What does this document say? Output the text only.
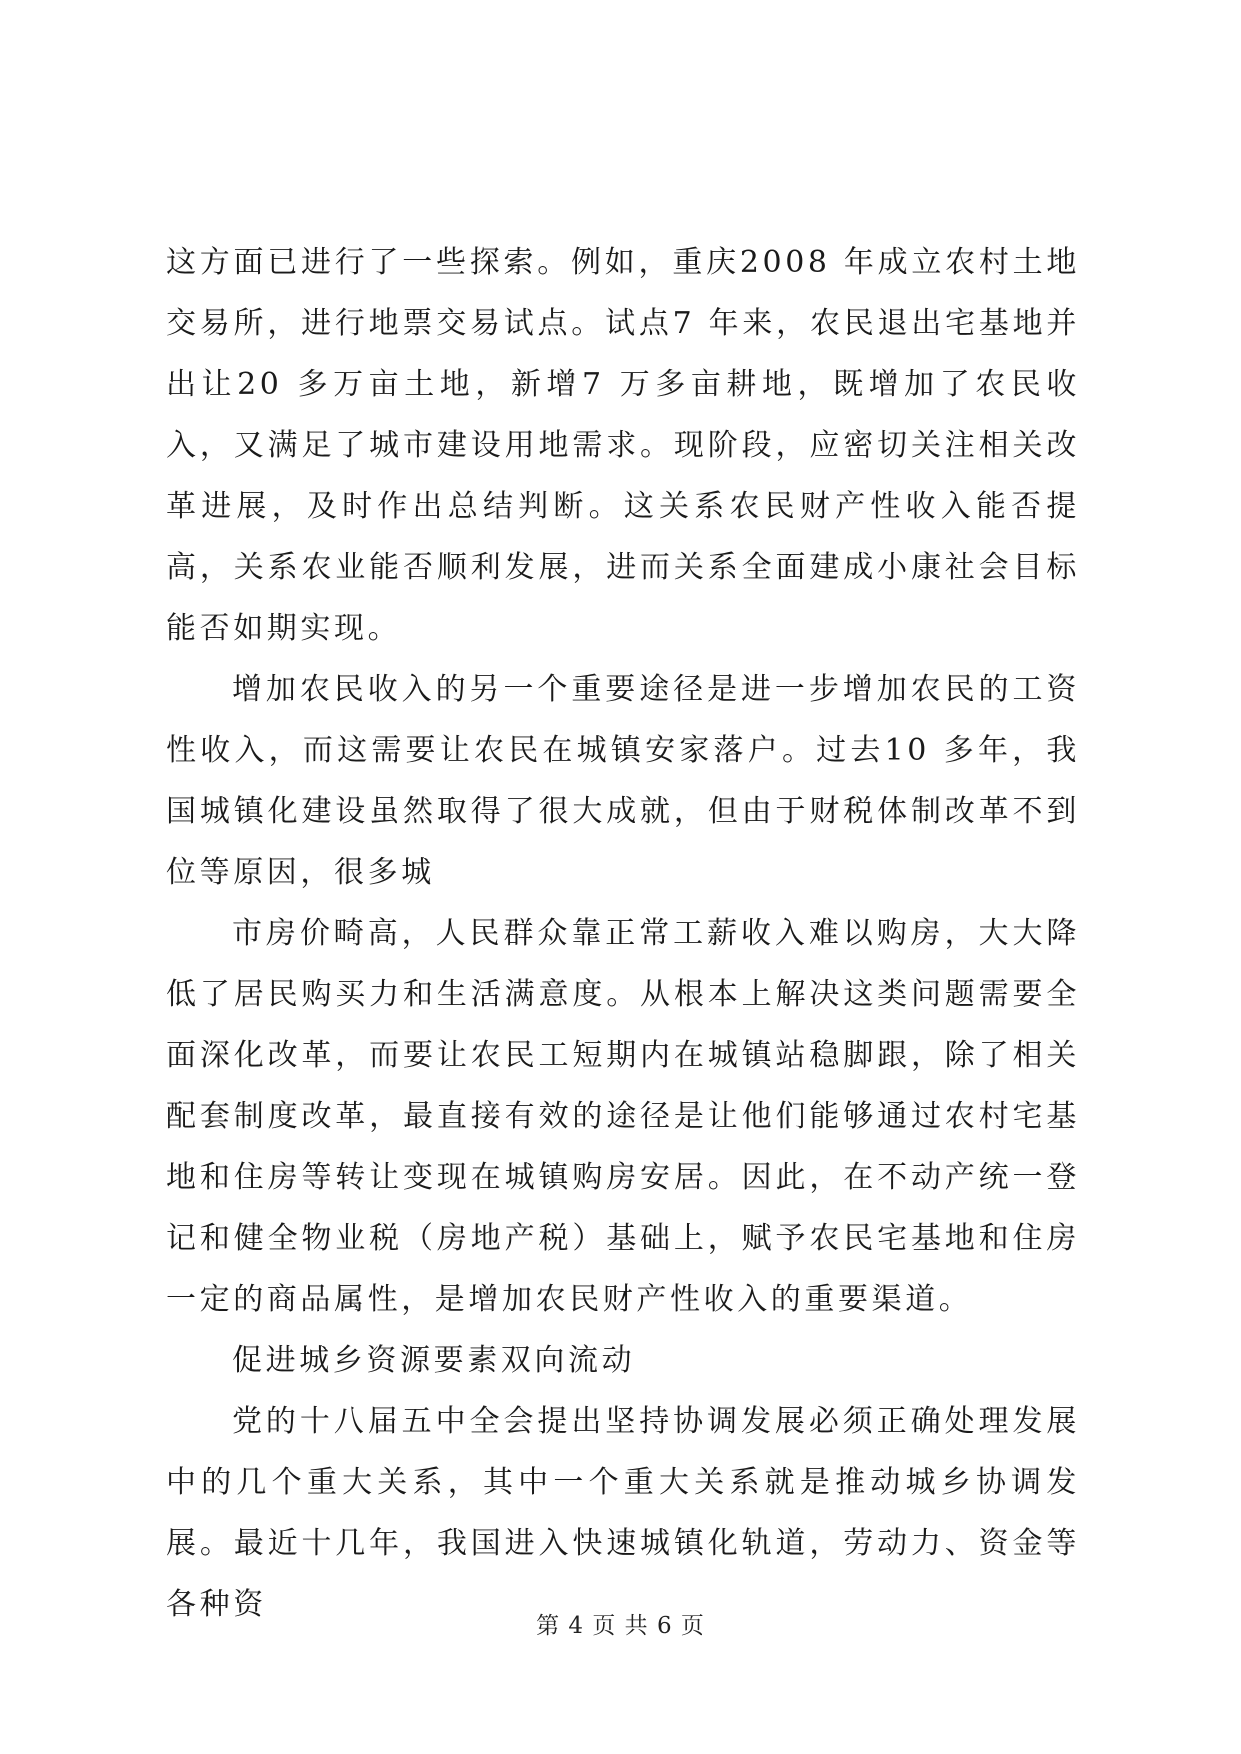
这方面已进行了一些探索。例如，重庆2008 年成立农村土地交易所，进行地票交易试点。试点7 年来，农民退出宅基地并出让20 多万亩土地，新增7 万多亩耕地，既增加了农民收入，又满足了城市建设用地需求。现阶段，应密切关注相关改革进展，及时作出总结判断。这关系农民财产性收入能否提高，关系农业能否顺利发展，进而关系全面建成小康社会目标能否如期实现。

增加农民收入的另一个重要途径是进一步增加农民的工资性收入，而这需要让农民在城镇安家落户。过去10 多年，我国城镇化建设虽然取得了很大成就，但由于财税体制改革不到位等原因，很多城

市房价畸高，人民群众靠正常工薪收入难以购房，大大降低了居民购买力和生活满意度。从根本上解决这类问题需要全面深化改革，而要让农民工短期内在城镇站稳脚跟，除了相关配套制度改革，最直接有效的途径是让他们能够通过农村宅基地和住房等转让变现在城镇购房安居。因此，在不动产统一登记和健全物业税（房地产税）基础上，赋予农民宅基地和住房一定的商品属性，是增加农民财产性收入的重要渠道。

促进城乡资源要素双向流动

党的十八届五中全会提出坚持协调发展必须正确处理发展中的几个重大关系，其中一个重大关系就是推动城乡协调发展。最近十几年，我国进入快速城镇化轨道，劳动力、资金等各种资

第 4 页 共 6 页
